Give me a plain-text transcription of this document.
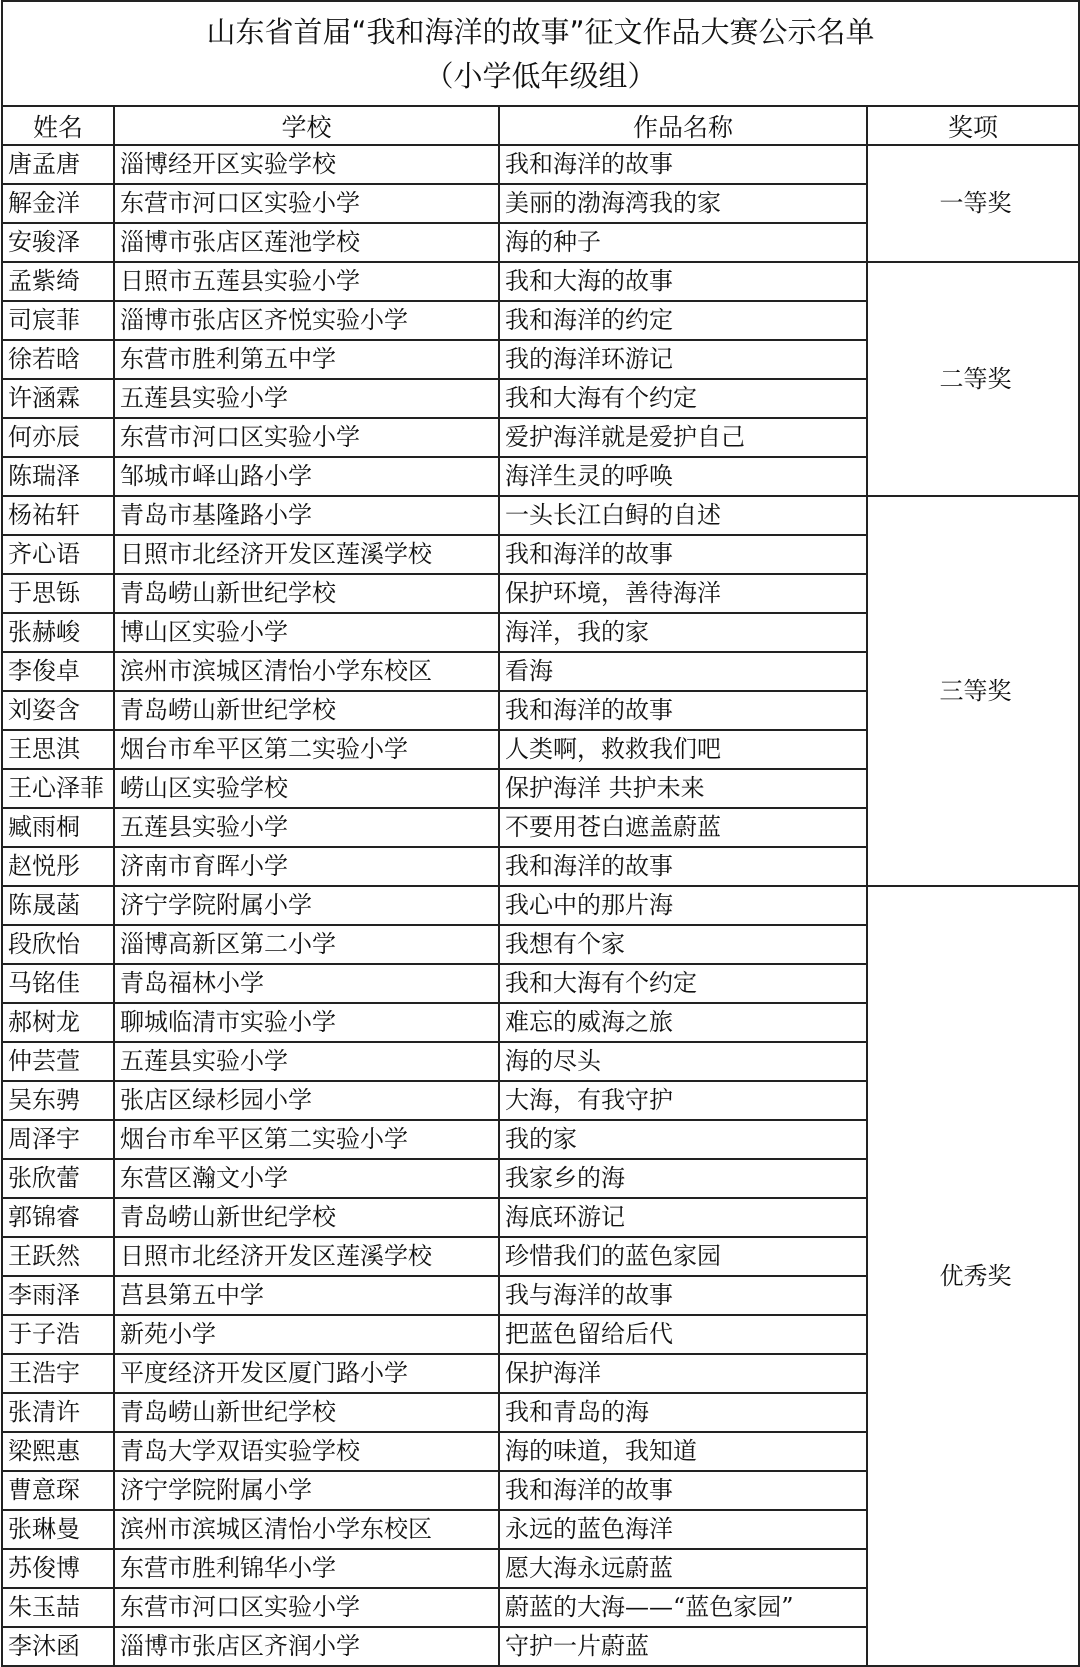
山东省首届“我和海洋的故事”征文作品大赛公示名单
（小学低年级组）			

姓名	学校	作品名称	奖项
唐孟唐	淄博经开区实验学校	我和海洋的故事	一等奖
解金洋	东营市河口区实验小学	美丽的渤海湾我的家	
安骏泽	淄博市张店区莲池学校	海的种子	
孟紫绮	日照市五莲县实验小学	我和大海的故事	二等奖
司宸菲	淄博市张店区齐悦实验小学	我和海洋的约定	
徐若晗	东营市胜利第五中学	我的海洋环游记	
许涵霖	五莲县实验小学	我和大海有个约定	
何亦辰	东营市河口区实验小学	爱护海洋就是爱护自己	
陈瑞泽	邹城市峄山路小学	海洋生灵的呼唤	
杨祐轩	青岛市基隆路小学	一头长江白鲟的自述	三等奖
齐心语	日照市北经济开发区莲溪学校	我和海洋的故事	
于思铄	青岛崂山新世纪学校	保护环境，善待海洋	
张赫峻	博山区实验小学	海洋，我的家	
李俊卓	滨州市滨城区清怡小学东校区	看海	
刘姿含	青岛崂山新世纪学校	我和海洋的故事	
王思淇	烟台市牟平区第二实验小学	人类啊，救救我们吧	
王心泽菲	崂山区实验学校	保护海洋 共护未来	
臧雨桐	五莲县实验小学	不要用苍白遮盖蔚蓝	
赵悦彤	济南市育晖小学	我和海洋的故事	
陈晟菡	济宁学院附属小学	我心中的那片海	优秀奖
段欣怡	淄博高新区第二小学	我想有个家	
马铭佳	青岛福林小学	我和大海有个约定	
郝树龙	聊城临清市实验小学	难忘的威海之旅	
仲芸萱	五莲县实验小学	海的尽头	
吴东骋	张店区绿杉园小学	大海，有我守护	
周泽宇	烟台市牟平区第二实验小学	我的家	
张欣蕾	东营区瀚文小学	我家乡的海	
郭锦睿	青岛崂山新世纪学校	海底环游记	
王跃然	日照市北经济开发区莲溪学校	珍惜我们的蓝色家园	
李雨泽	莒县第五中学	我与海洋的故事	
于子浩	新苑小学	把蓝色留给后代	
王浩宇	平度经济开发区厦门路小学	保护海洋	
张清许	青岛崂山新世纪学校	我和青岛的海	
梁熙惠	青岛大学双语实验学校	海的味道，我知道	
曹意琛	济宁学院附属小学	我和海洋的故事	
张琳曼	滨州市滨城区清怡小学东校区	永远的蓝色海洋	
苏俊博	东营市胜利锦华小学	愿大海永远蔚蓝	
朱玉喆	东营市河口区实验小学	蔚蓝的大海——“蓝色家园”	
李沐函	淄博市张店区齐润小学	守护一片蔚蓝	
